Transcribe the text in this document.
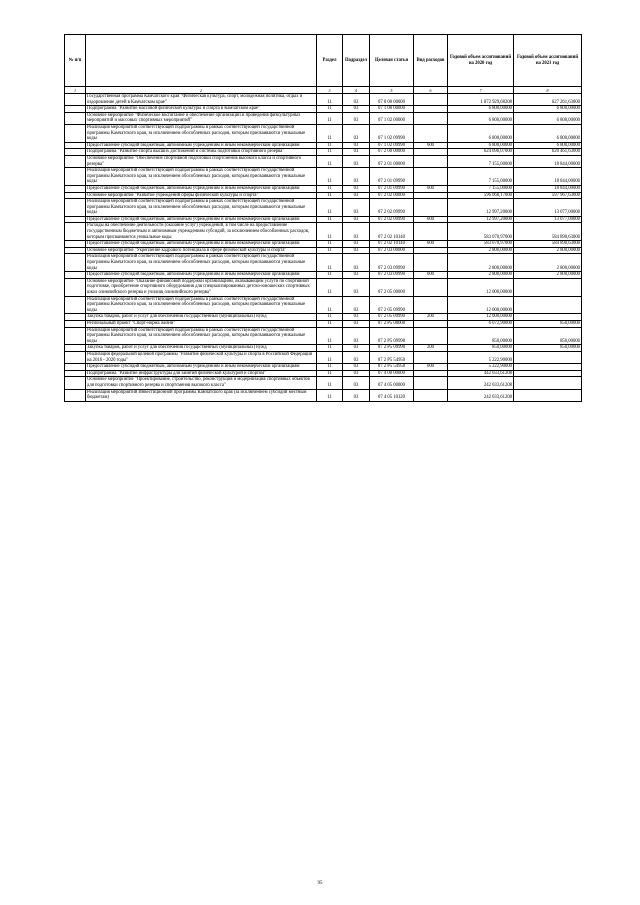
№ п/п		Раздел	Подраздел	Целевая статья	Вид расходов	Годовой объем ассигнований на 2020 год	Годовой объем ассигнований на 2021 год
1	2	3	4	5	6	7	8
	Государственная программа Камчатского края "Физическая культура, спорт, молодежная политика, отдых и оздоровление детей в Камчатском крае"	11	03	07 0 00 00000		1 072 929,68208	627 261,63000
	Подпрограмма "Развитие массовой физической культуры и спорта в Камчатском крае"	11	03	07 1 00 00000		6 800,00000	6 800,00000
	Основное мероприятие "Физическое воспитание и обеспечение организации и проведения физкультурных мероприятий и массовых спортивных мероприятий"	11	03	07 1 02 00000		6 800,00000	6 800,00000
	Реализация мероприятий соответствующей подпрограммы в рамках соответствующей государственной программы Камчатского края, за исключением обособленных расходов, которым присваиваются уникальные коды	11	03	07 1 02 09990		6 800,00000	6 800,00000
	Предоставление субсидий бюджетным, автономным учреждениям и иным некоммерческим организациям	11	03	07 1 02 09990	600	6 800,00000	6 800,00000
	Подпрограмма "Развитие спорта высших достижений и системы подготовки спортивного резерва"	11	03	07 2 00 00000		624 096,07000	620 461,63000
	Основное мероприятие "Обеспечение спортивной подготовки спортсменов высокого класса и спортивного резерва"	11	03	07 2 01 00000		7 155,00000	18 844,00000
	Реализация мероприятий соответствующей подпрограммы в рамках соответствующей государственной программы Камчатского края, за исключением обособленных расходов, которым присваиваются уникальные коды	11	03	07 2 01 09990		7 155,00000	18 844,00000
	Предоставление субсидий бюджетным, автономным учреждениям и иным некоммерческим организациям	11	03	07 2 01 09990	600	7 155,00000	18 844,00000
	Основное мероприятие "Развитие учреждений сферы физической культуры и спорта"	11	03	07 2 02 00000		596 068,17000	597 967,63000
	Реализация мероприятий соответствующей подпрограммы в рамках соответствующей государственной программы Камчатского края, за исключением обособленных расходов, которым присваиваются уникальные коды	11	03	07 2 02 09990		12 997,20000	13 077,00000
	Предоставление субсидий бюджетным, автономным учреждениям и иным некоммерческим организациям	11	03	07 2 02 09990	600	12 997,20000	13 077,00000
	Расходы на обеспечение деятельности (оказание услуг) учреждений, в том числе на предоставление государственным бюджетным и автономным учреждениям субсидий, за исключением обособленных расходов, которым присваиваются уникальные коды	11	03	07 2 02 10140		583 070,97000	584 890,63000
	Предоставление субсидий бюджетным, автономным учреждениям и иным некоммерческим организациям	11	03	07 2 02 10140	600	583 070,97000	584 890,63000
	Основное мероприятие "Укрепление кадрового потенциала в сфере физической культуры и спорта"	11	03	07 2 03 00000		2 800,00000	2 800,00000
	Реализация мероприятий соответствующей подпрограммы в рамках соответствующей государственной программы Камчатского края, за исключением обособленных расходов, которым присваиваются уникальные коды	11	03	07 2 03 09990		2 800,00000	2 800,00000
	Предоставление субсидий бюджетным, автономным учреждениям и иным некоммерческим организациям	11	03	07 2 03 09990	600	2 800,00000	2 800,00000
	Основное мероприятие "Оказание финансовой поддержки организациям, оказывающим услуги по спортивной подготовке, приобретение спортивного оборудования для специализированных детско-юношеских спортивных школ олимпийского резерва и училищ олимпийского резерва"	11	03	07 2 05 00000		12 000,00000	
	Реализация мероприятий соответствующей подпрограммы в рамках соответствующей государственной программы Камчатского края, за исключением обособленных расходов, которым присваиваются уникальные коды	11	03	07 2 05 09990		12 000,00000	
	Закупка товаров, работ и услуг для обеспечения государственных (муниципальных) нужд	11	03	07 2 05 09990	200	12 000,00000	
	Региональный проект "Спорт-норма жизни"	11	03	07 2 P5 00000		6 072,90000	850,00000
	Реализация мероприятий соответствующей подпрограммы в рамках соответствующей государственной программы Камчатского края, за исключением обособленных расходов, которым присваиваются уникальные коды	11	03	07 2 P5 09990		850,00000	850,00000
	Закупка товаров, работ и услуг для обеспечения государственных (муниципальных) нужд	11	03	07 2 P5 09990	200	850,00000	850,00000
	Реализация федеральной целевой программы "Развитие физической культуры и спорта в Российской Федерации на 2016 - 2020 годы"	11	03	07 2 P5 54950		5 222,90000	
	Предоставление субсидий бюджетным, автономным учреждениям и иным некоммерческим организациям	11	03	07 2 P5 54950	600	5 222,90000	
	Подпрограмма "Развитие инфраструктуры для занятий физической культурой и спортом"	11	03	07 4 00 00000		442 033,61208	
	Основное мероприятие "Проектирование, строительство, реконструкция и модернизация спортивных объектов для подготовки спортивного резерва и спортсменов высокого класса"	11	03	07 4 05 00000		242 033,61208	
	Реализация мероприятий Инвестиционной программы Камчатского края (за исключением субсидий местным бюджетам)	11	03	07 4 05 10120		242 033,61208	
95
